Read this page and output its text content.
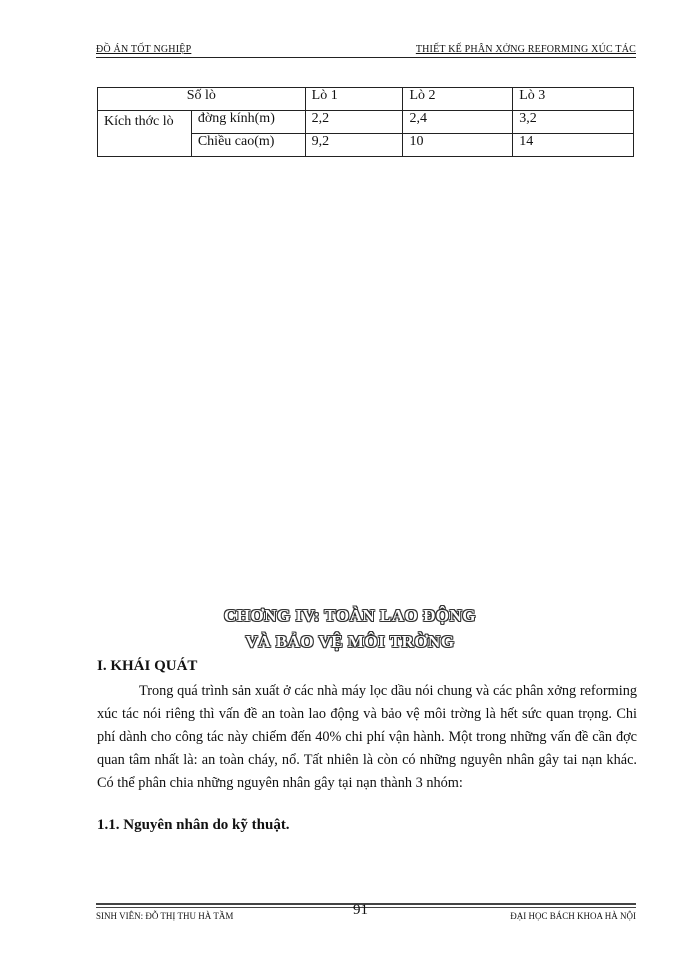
ĐỒ ÁN TỐT NGHIỆP	THIẾT KẾ PHÂN XỞNG REFORMING XÚC TÁC
Số lò		Lò 1	Lò 2	Lò 3
Kích thớc lò	đờng kính(m)	2,2	2,4	3,2
	Chiều cao(m)	9,2	10	14
CHƠNG IV: TOÀN LAO ĐỘNG
VÀ BẢO VỆ MÔI TRỜNG
I. KHÁI QUÁT

Trong quá trình sản xuất ở các nhà máy lọc dầu nói chung và các phân xởng reforming xúc tác nói riêng thì vấn đề an toàn lao động và bảo vệ môi trờng là hết sức quan trọng. Chi phí dành cho công tác này chiếm đến 40% chi phí vận hành. Một trong những vấn đề cần đợc quan tâm nhất là: an toàn cháy, nổ. Tất nhiên là còn có những nguyên nhân gây tai nạn khác. Có thể phân chia những nguyên nhân gây tại nạn thành 3 nhóm:

1.1. Nguyên nhân do kỹ thuật.
SINH VIÊN: ĐỖ THỊ THU HÀ TẦM	ĐẠI HỌC BÁCH KHOA HÀ NỘI
91
